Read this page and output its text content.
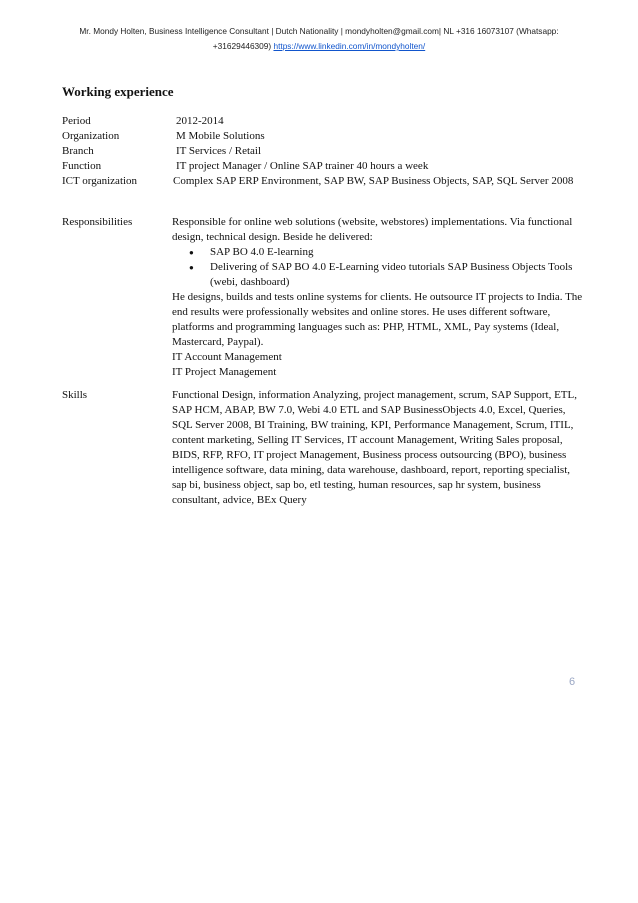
Mr. Mondy Holten, Business Intelligence Consultant | Dutch Nationality | mondyholten@gmail.com| NL +316 16073107 (Whatsapp:
+31629446309) https://www.linkedin.com/in/mondyholten/
Working experience
Period	2012-2014
Organization	M Mobile Solutions
Branch	IT Services / Retail
Function	IT project Manager / Online SAP trainer 40 hours a week
ICT organization	Complex SAP ERP Environment, SAP BW, SAP Business Objects, SAP, SQL Server 2008
Responsibilities	Responsible for online web solutions (website, webstores) implementations. Via functional design, technical design. Beside he delivered:

● SAP BO 4.0 E-learning
● Delivering of SAP BO 4.0 E-Learning video tutorials SAP Business Objects Tools (webi, dashboard)

He designs, builds and tests online systems for clients. He outsource IT projects to India. The end results were professionally websites and online stores. He uses different software, platforms and programming languages such as: PHP, HTML, XML, Pay systems (Ideal, Mastercard, Paypal).

IT Account Management

IT Project Management

Skills	Functional Design, information Analyzing, project management, scrum, SAP Support, ETL, SAP HCM, ABAP, BW 7.0, Webi 4.0 ETL and SAP BusinessObjects 4.0, Excel, Queries, SQL Server 2008, BI Training, BW training, KPI, Performance Management, Scrum, ITIL, content marketing, Selling IT Services, IT account Management, Writing Sales proposal, BIDS, RFP, RFO, IT project Management, Business process outsourcing (BPO), business intelligence software, data mining, data warehouse, dashboard, report, reporting specialist, sap bi, business object, sap bo, etl testing, human resources, sap hr system, business consultant, advice, BEx Query

6
